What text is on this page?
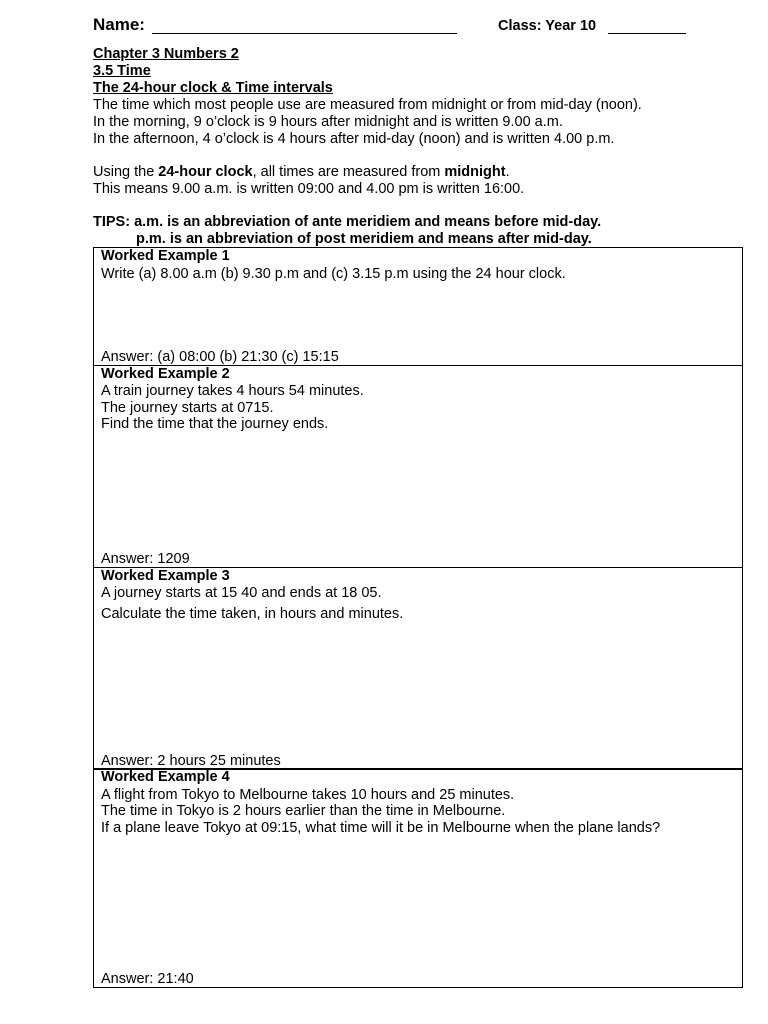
Name:	Class: Year 10
Chapter 3 Numbers 2
3.5 Time
The 24-hour clock & Time intervals
The time which most people use are measured from midnight or from mid-day (noon).
In the morning, 9 o’clock is 9 hours after midnight and is written 9.00 a.m.
In the afternoon, 4 o’clock is 4 hours after mid-day (noon) and is written 4.00 p.m.
Using the 24-hour clock, all times are measured from midnight.
This means 9.00 a.m. is written 09:00 and 4.00 pm is written 16:00.
TIPS: a.m. is an abbreviation of ante meridiem and means before mid-day.
p.m. is an abbreviation of post meridiem and means after mid-day.
Worked Example 1
Write (a) 8.00 a.m (b) 9.30 p.m and (c) 3.15 p.m using the 24 hour clock.
Answer: (a) 08:00 (b) 21:30 (c) 15:15
Worked Example 2
A train journey takes 4 hours 54 minutes.
The journey starts at 0715.
Find the time that the journey ends.
Answer: 1209
Worked Example 3
A journey starts at 15 40 and ends at 18 05.
Calculate the time taken, in hours and minutes.
Answer: 2 hours 25 minutes
Worked Example 4
A flight from Tokyo to Melbourne takes 10 hours and 25 minutes.
The time in Tokyo is 2 hours earlier than the time in Melbourne.
If a plane leave Tokyo at 09:15, what time will it be in Melbourne when the plane lands?
Answer: 21:40
